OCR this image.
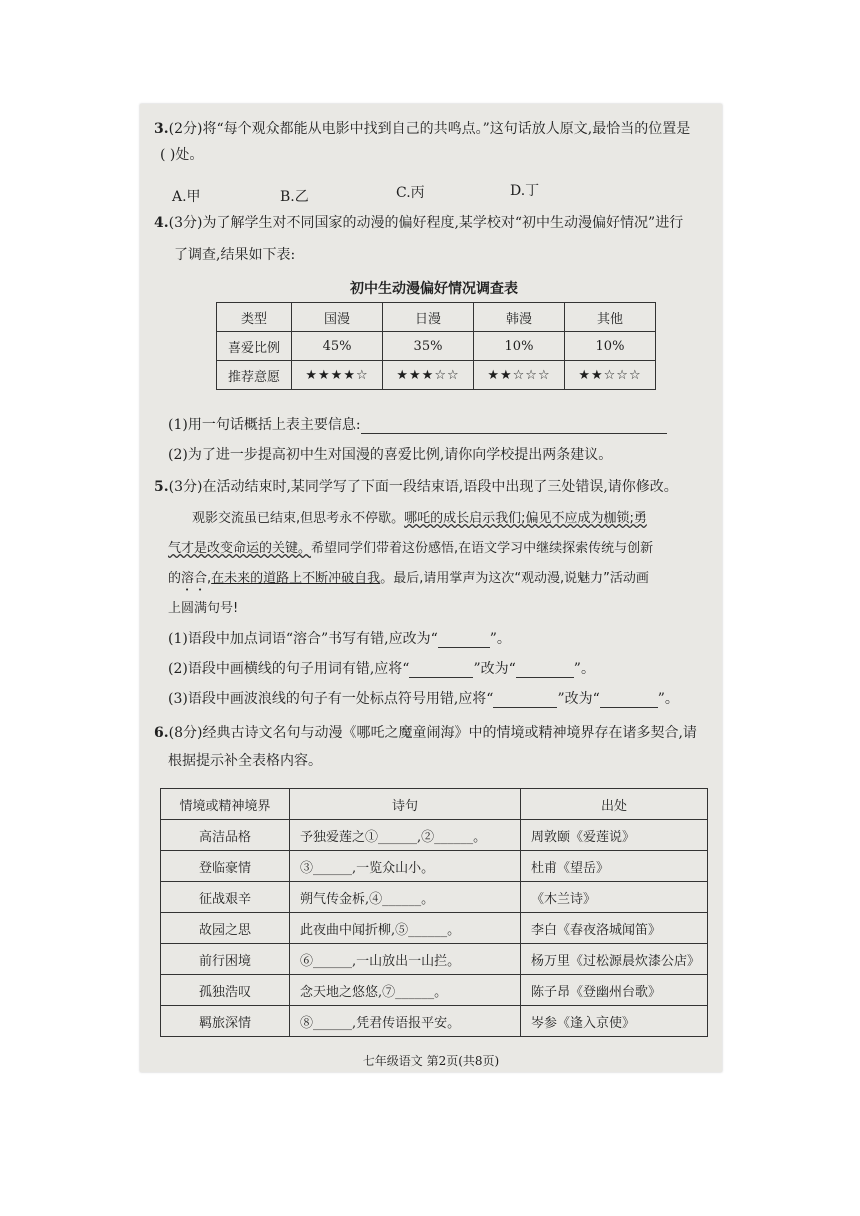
3.(2分)将“每个观众都能从电影中找到自己的共鸣点。”这句话放人原文,最恰当的位置是
( )处。
A.甲	B.乙	C.丙	D.丁
4.(3分)为了解学生对不同国家的动漫的偏好程度,某学校对“初中生动漫偏好情况”进行
了调查,结果如下表:
初中生动漫偏好情况调查表
类型	国漫	日漫	韩漫	其他
喜爱比例	45%	35%	10%	10%
推荐意愿	★★★★☆	★★★☆☆	★★☆☆☆	★★☆☆☆
(1)用一句话概括上表主要信息:
(2)为了进一步提高初中生对国漫的喜爱比例,请你向学校提出两条建议。
5.(3分)在活动结束时,某同学写了下面一段结束语,语段中出现了三处错误,请你修改。
观影交流虽已结束,但思考永不停歇。哪吒的成长启示我们;偏见不应成为枷锁;勇
气才是改变命运的关键。希望同学们带着这份感悟,在语文学习中继续探索传统与创新
的溶合,在未来的道路上不断冲破自我。最后,请用掌声为这次“观动漫,说魅力”活动画
上圆满句号!
(1)语段中加点词语“溶合”书写有错,应改为“	”。
(2)语段中画横线的句子用词有错,应将“	”改为“	”。
(3)语段中画波浪线的句子有一处标点符号用错,应将“	”改为“	”。
6.(8分)经典古诗文名句与动漫《哪吒之魔童闹海》中的情境或精神境界存在诸多契合,请
根据提示补全表格内容。
情境或精神境界	诗句	出处
高洁品格	予独爱莲之①______,②______。	周敦颐《爱莲说》
登临豪情	③______,一览众山小。	杜甫《望岳》
征战艰辛	朔气传金柝,④______。	《木兰诗》
故园之思	此夜曲中闻折柳,⑤______。	李白《春夜洛城闻笛》
前行困境	⑥______,一山放出一山拦。	杨万里《过松源晨炊漆公店》
孤独浩叹	念天地之悠悠,⑦______。	陈子昂《登幽州台歌》
羁旅深情	⑧______,凭君传语报平安。	岑参《逢入京使》
七年级语文 第2页(共8页)
